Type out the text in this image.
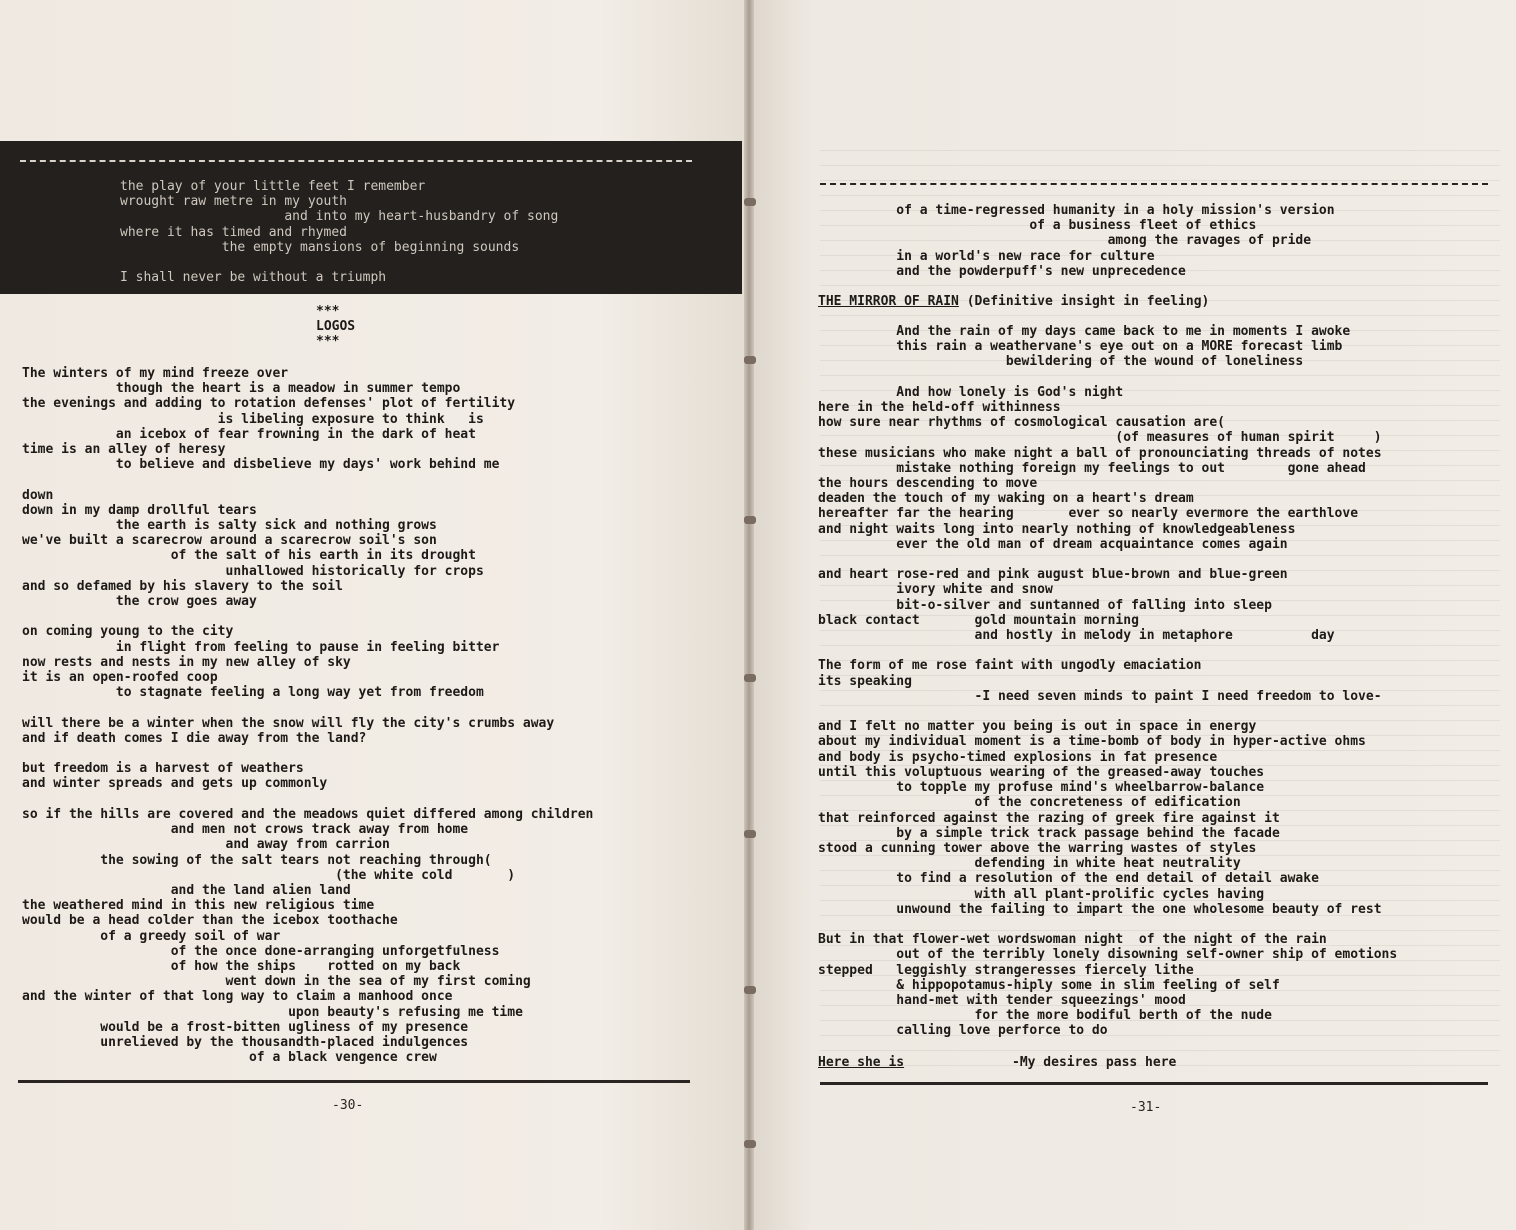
the play of your little feet I remember
wrought raw metre in my youth
and into my heart-husbandry of song
where it has timed and rhymed
the empty mansions of beginning sounds

I shall never be without a triumph
***
LOGOS
***
The winters of my mind freeze over
though the heart is a meadow in summer tempo
the evenings and adding to rotation defenses' plot of fertility
is libeling exposure to think   is
an icebox of fear frowning in the dark of heat
time is an alley of heresy
to believe and disbelieve my days' work behind me

down
down in my damp drollful tears
the earth is salty sick and nothing grows
we've built a scarecrow around a scarecrow soil's son
of the salt of his earth in its drought
unhallowed historically for crops
and so defamed by his slavery to the soil
the crow goes away

on coming young to the city
in flight from feeling to pause in feeling bitter
now rests and nests in my new alley of sky
it is an open-roofed coop
to stagnate feeling a long way yet from freedom

will there be a winter when the snow will fly the city's crumbs away
and if death comes I die away from the land?

but freedom is a harvest of weathers
and winter spreads and gets up commonly

so if the hills are covered and the meadows quiet differed among children
and men not crows track away from home
and away from carrion
the sowing of the salt tears not reaching through(
(the white cold       )
and the land alien land
the weathered mind in this new religious time
would be a head colder than the icebox toothache
of a greedy soil of war
of the once done-arranging unforgetfulness
of how the ships    rotted on my back
went down in the sea of my first coming
and the winter of that long way to claim a manhood once
upon beauty's refusing me time
would be a frost-bitten ugliness of my presence
unrelieved by the thousandth-placed indulgences
of a black vengence crew
-30-
of a time-regressed humanity in a holy mission's version
of a business fleet of ethics
among the ravages of pride
in a world's new race for culture
and the powderpuff's new unprecedence
THE MIRROR OF RAIN (Definitive insight in feeling)
And the rain of my days came back to me in moments I awoke
this rain a weathervane's eye out on a MORE forecast limb
bewildering of the wound of loneliness

And how lonely is God's night
here in the held-off withinness
how sure near rhythms of cosmological causation are(
(of measures of human spirit     )
these musicians who make night a ball of pronounciating threads of notes
mistake nothing foreign my feelings to out        gone ahead
the hours descending to move
deaden the touch of my waking on a heart's dream
hereafter far the hearing       ever so nearly evermore the earthlove
and night waits long into nearly nothing of knowledgeableness
ever the old man of dream acquaintance comes again

and heart rose-red and pink august blue-brown and blue-green
ivory white and snow
bit-o-silver and suntanned of falling into sleep
black contact       gold mountain morning
and hostly in melody in metaphore          day

The form of me rose faint with ungodly emaciation
its speaking
-I need seven minds to paint I need freedom to love-

and I felt no matter you being is out in space in energy
about my individual moment is a time-bomb of body in hyper-active ohms
and body is psycho-timed explosions in fat presence
until this voluptuous wearing of the greased-away touches
to topple my profuse mind's wheelbarrow-balance
of the concreteness of edification
that reinforced against the razing of greek fire against it
by a simple trick track passage behind the facade
stood a cunning tower above the warring wastes of styles
defending in white heat neutrality
to find a resolution of the end detail of detail awake
with all plant-prolific cycles having
unwound the failing to impart the one wholesome beauty of rest

But in that flower-wet wordswoman night  of the night of the rain
out of the terribly lonely disowning self-owner ship of emotions
stepped   leggishly strangeresses fiercely lithe
& hippopotamus-hiply some in slim feeling of self
hand-met with tender squeezings' mood
for the more bodiful berth of the nude
calling love perforce to do
Here she is	-My desires pass here
-31-
